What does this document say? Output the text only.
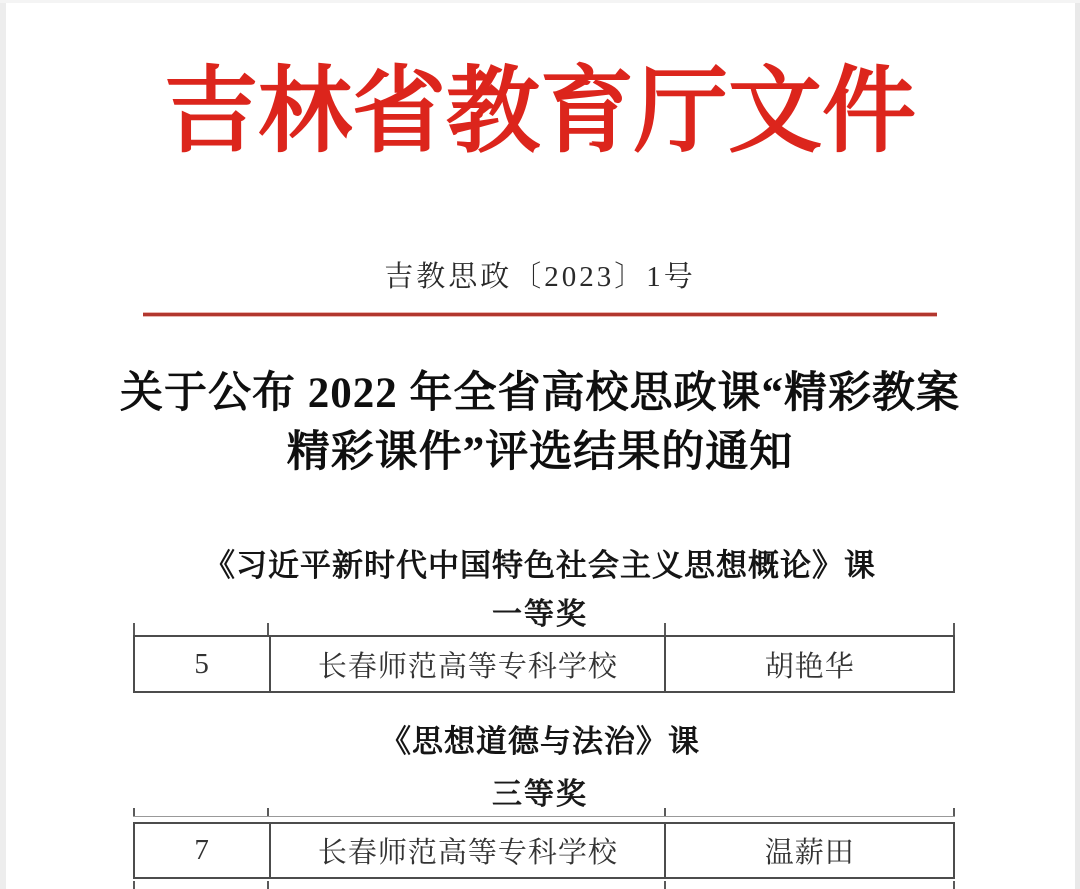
吉林省教育厅文件
吉教思政〔2023〕1号
关于公布 2022 年全省高校思政课“精彩教案
精彩课件”评选结果的通知
《习近平新时代中国特色社会主义思想概论》课
一等奖
5	长春师范高等专科学校	胡艳华
《思想道德与法治》课
三等奖
7	长春师范高等专科学校	温薪田
